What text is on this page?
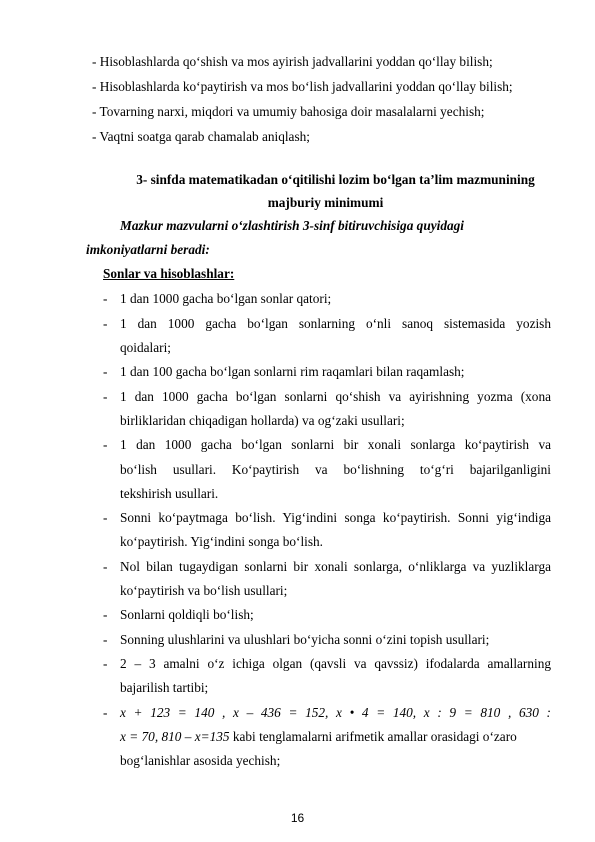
- Hisoblashlarda qo‘shish va mos ayirish jadvallarini yoddan qo‘llay bilish;
- Hisoblashlarda ko‘paytirish va mos bo‘lish jadvallarini yoddan qo‘llay bilish;
- Tovarning narxi, miqdori va umumiy bahosiga doir masalalarni yechish;
- Vaqtni soatga qarab chamalab aniqlash;
3- sinfda matematikadan o‘qitilishi lozim bo‘lgan ta’lim mazmunining
majburiy minimumi
Mazkur mazvularni o‘zlashtirish 3-sinf bitiruvchisiga quyidagi
imkoniyatlarni beradi:
Sonlar va hisoblashlar:
- 1 dan 1000 gacha bo‘lgan sonlar qatori;
- 1 dan 1000 gacha bo‘lgan sonlarning o‘nli sanoq sistemasida yozish
qoidalari;
- 1 dan 100 gacha bo‘lgan sonlarni rim raqamlari bilan raqamlash;
- 1 dan 1000 gacha bo‘lgan sonlarni qo‘shish va ayirishning yozma (xona
birliklaridan chiqadigan hollarda) va og‘zaki usullari;
- 1 dan 1000 gacha bo‘lgan sonlarni bir xonali sonlarga ko‘paytirish va
bo‘lish usullari. Ko‘paytirish va bo‘lishning to‘g‘ri bajarilganligini
tekshirish usullari.
- Sonni ko‘paytmaga bo‘lish. Yig‘indini songa ko‘paytirish. Sonni yig‘indiga
ko‘paytirish. Yig‘indini songa bo‘lish.
- Nol bilan tugaydigan sonlarni bir xonali sonlarga, o‘nliklarga va yuzliklarga
ko‘paytirish va bo‘lish usullari;
- Sonlarni qoldiqli bo‘lish;
- Sonning ulushlarini va ulushlari bo‘yicha sonni o‘zini topish usullari;
- 2 – 3 amalni o‘z ichiga olgan (qavsli va qavssiz) ifodalarda amallarning
bajarilish tartibi;
- x + 123 = 140 , x – 436 = 152, x • 4 = 140, x : 9 = 810 , 630 :
x = 70, 810 – x=135 kabi tenglamalarni arifmetik amallar orasidagi o‘zaro
bog‘lanishlar asosida yechish;
16
